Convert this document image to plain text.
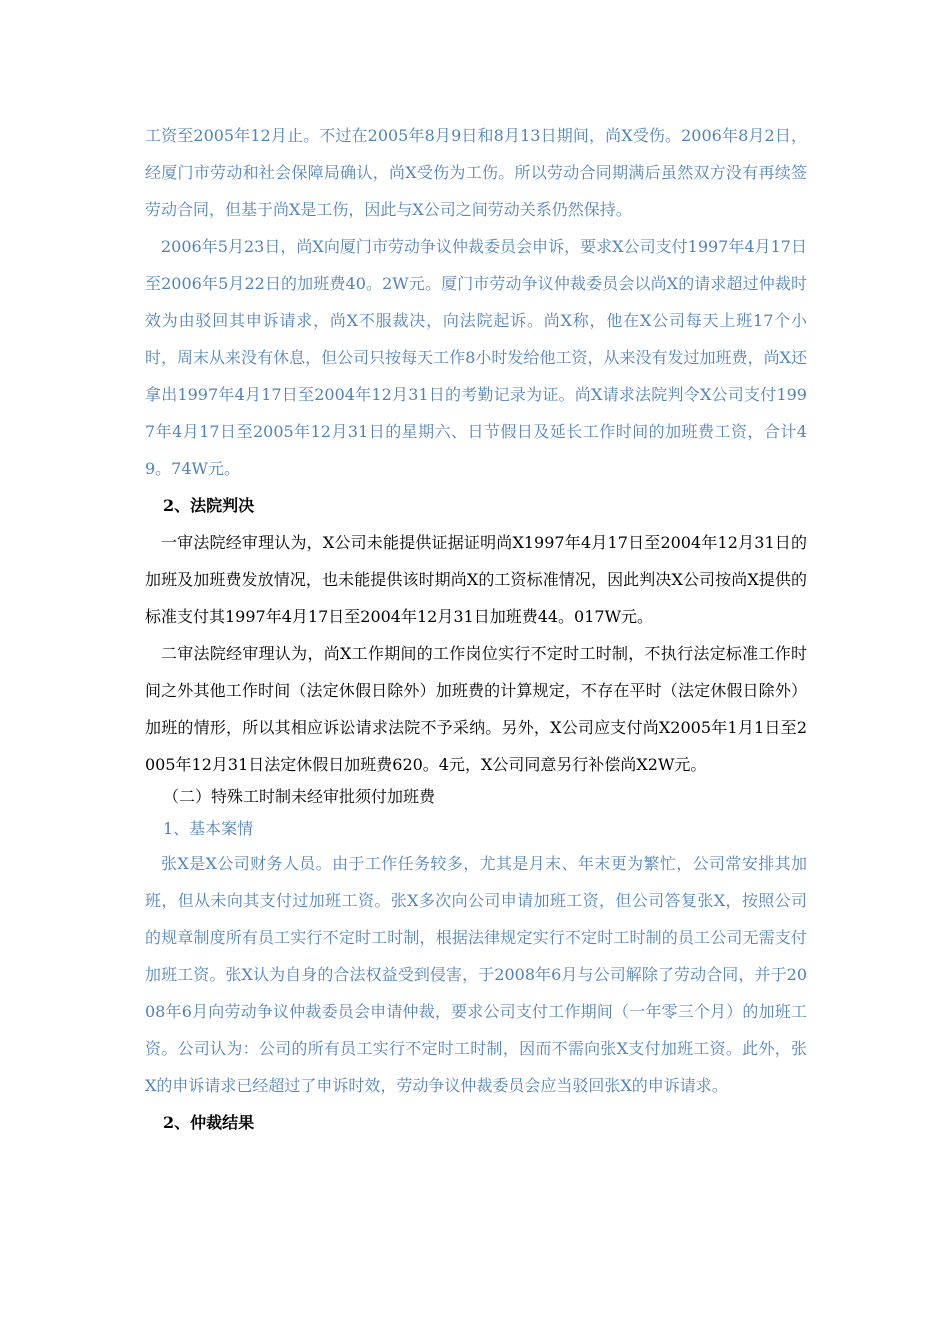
工资至2005年12月止。不过在2005年8月9日和8月13日期间，尚X受伤。2006年8月2日，经厦门市劳动和社会保障局确认，尚X受伤为工伤。所以劳动合同期满后虽然双方没有再续签劳动合同，但基于尚X是工伤，因此与X公司之间劳动关系仍然保持。

2006年5月23日，尚X向厦门市劳动争议仲裁委员会申诉，要求X公司支付1997年4月17日至2006年5月22日的加班费40。2W元。厦门市劳动争议仲裁委员会以尚X的请求超过仲裁时效为由驳回其申诉请求，尚X不服裁决，向法院起诉。尚X称，他在X公司每天上班17个小时，周末从来没有休息，但公司只按每天工作8小时发给他工资，从来没有发过加班费，尚X还拿出1997年4月17日至2004年12月31日的考勤记录为证。尚X请求法院判令X公司支付1997年4月17日至2005年12月31日的星期六、日节假日及延长工作时间的加班费工资，合计49。74W元。

2、法院判决

一审法院经审理认为，X公司未能提供证据证明尚X1997年4月17日至2004年12月31日的加班及加班费发放情况，也未能提供该时期尚X的工资标准情况，因此判决X公司按尚X提供的标准支付其1997年4月17日至2004年12月31日加班费44。017W元。

二审法院经审理认为，尚X工作期间的工作岗位实行不定时工时制，不执行法定标准工作时间之外其他工作时间（法定休假日除外）加班费的计算规定，不存在平时（法定休假日除外）加班的情形，所以其相应诉讼请求法院不予采纳。另外，X公司应支付尚X2005年1月1日至2005年12月31日法定休假日加班费620。4元，X公司同意另行补偿尚X2W元。

（二）特殊工时制未经审批须付加班费

1、基本案情

张X是X公司财务人员。由于工作任务较多，尤其是月末、年末更为繁忙，公司常安排其加班，但从未向其支付过加班工资。张X多次向公司申请加班工资，但公司答复张X，按照公司的规章制度所有员工实行不定时工时制，根据法律规定实行不定时工时制的员工公司无需支付加班工资。张X认为自身的合法权益受到侵害，于2008年6月与公司解除了劳动合同，并于2008年6月向劳动争议仲裁委员会申请仲裁，要求公司支付工作期间（一年零三个月）的加班工资。公司认为：公司的所有员工实行不定时工时制，因而不需向张X支付加班工资。此外，张X的申诉请求已经超过了申诉时效，劳动争议仲裁委员会应当驳回张X的申诉请求。

2、仲裁结果
